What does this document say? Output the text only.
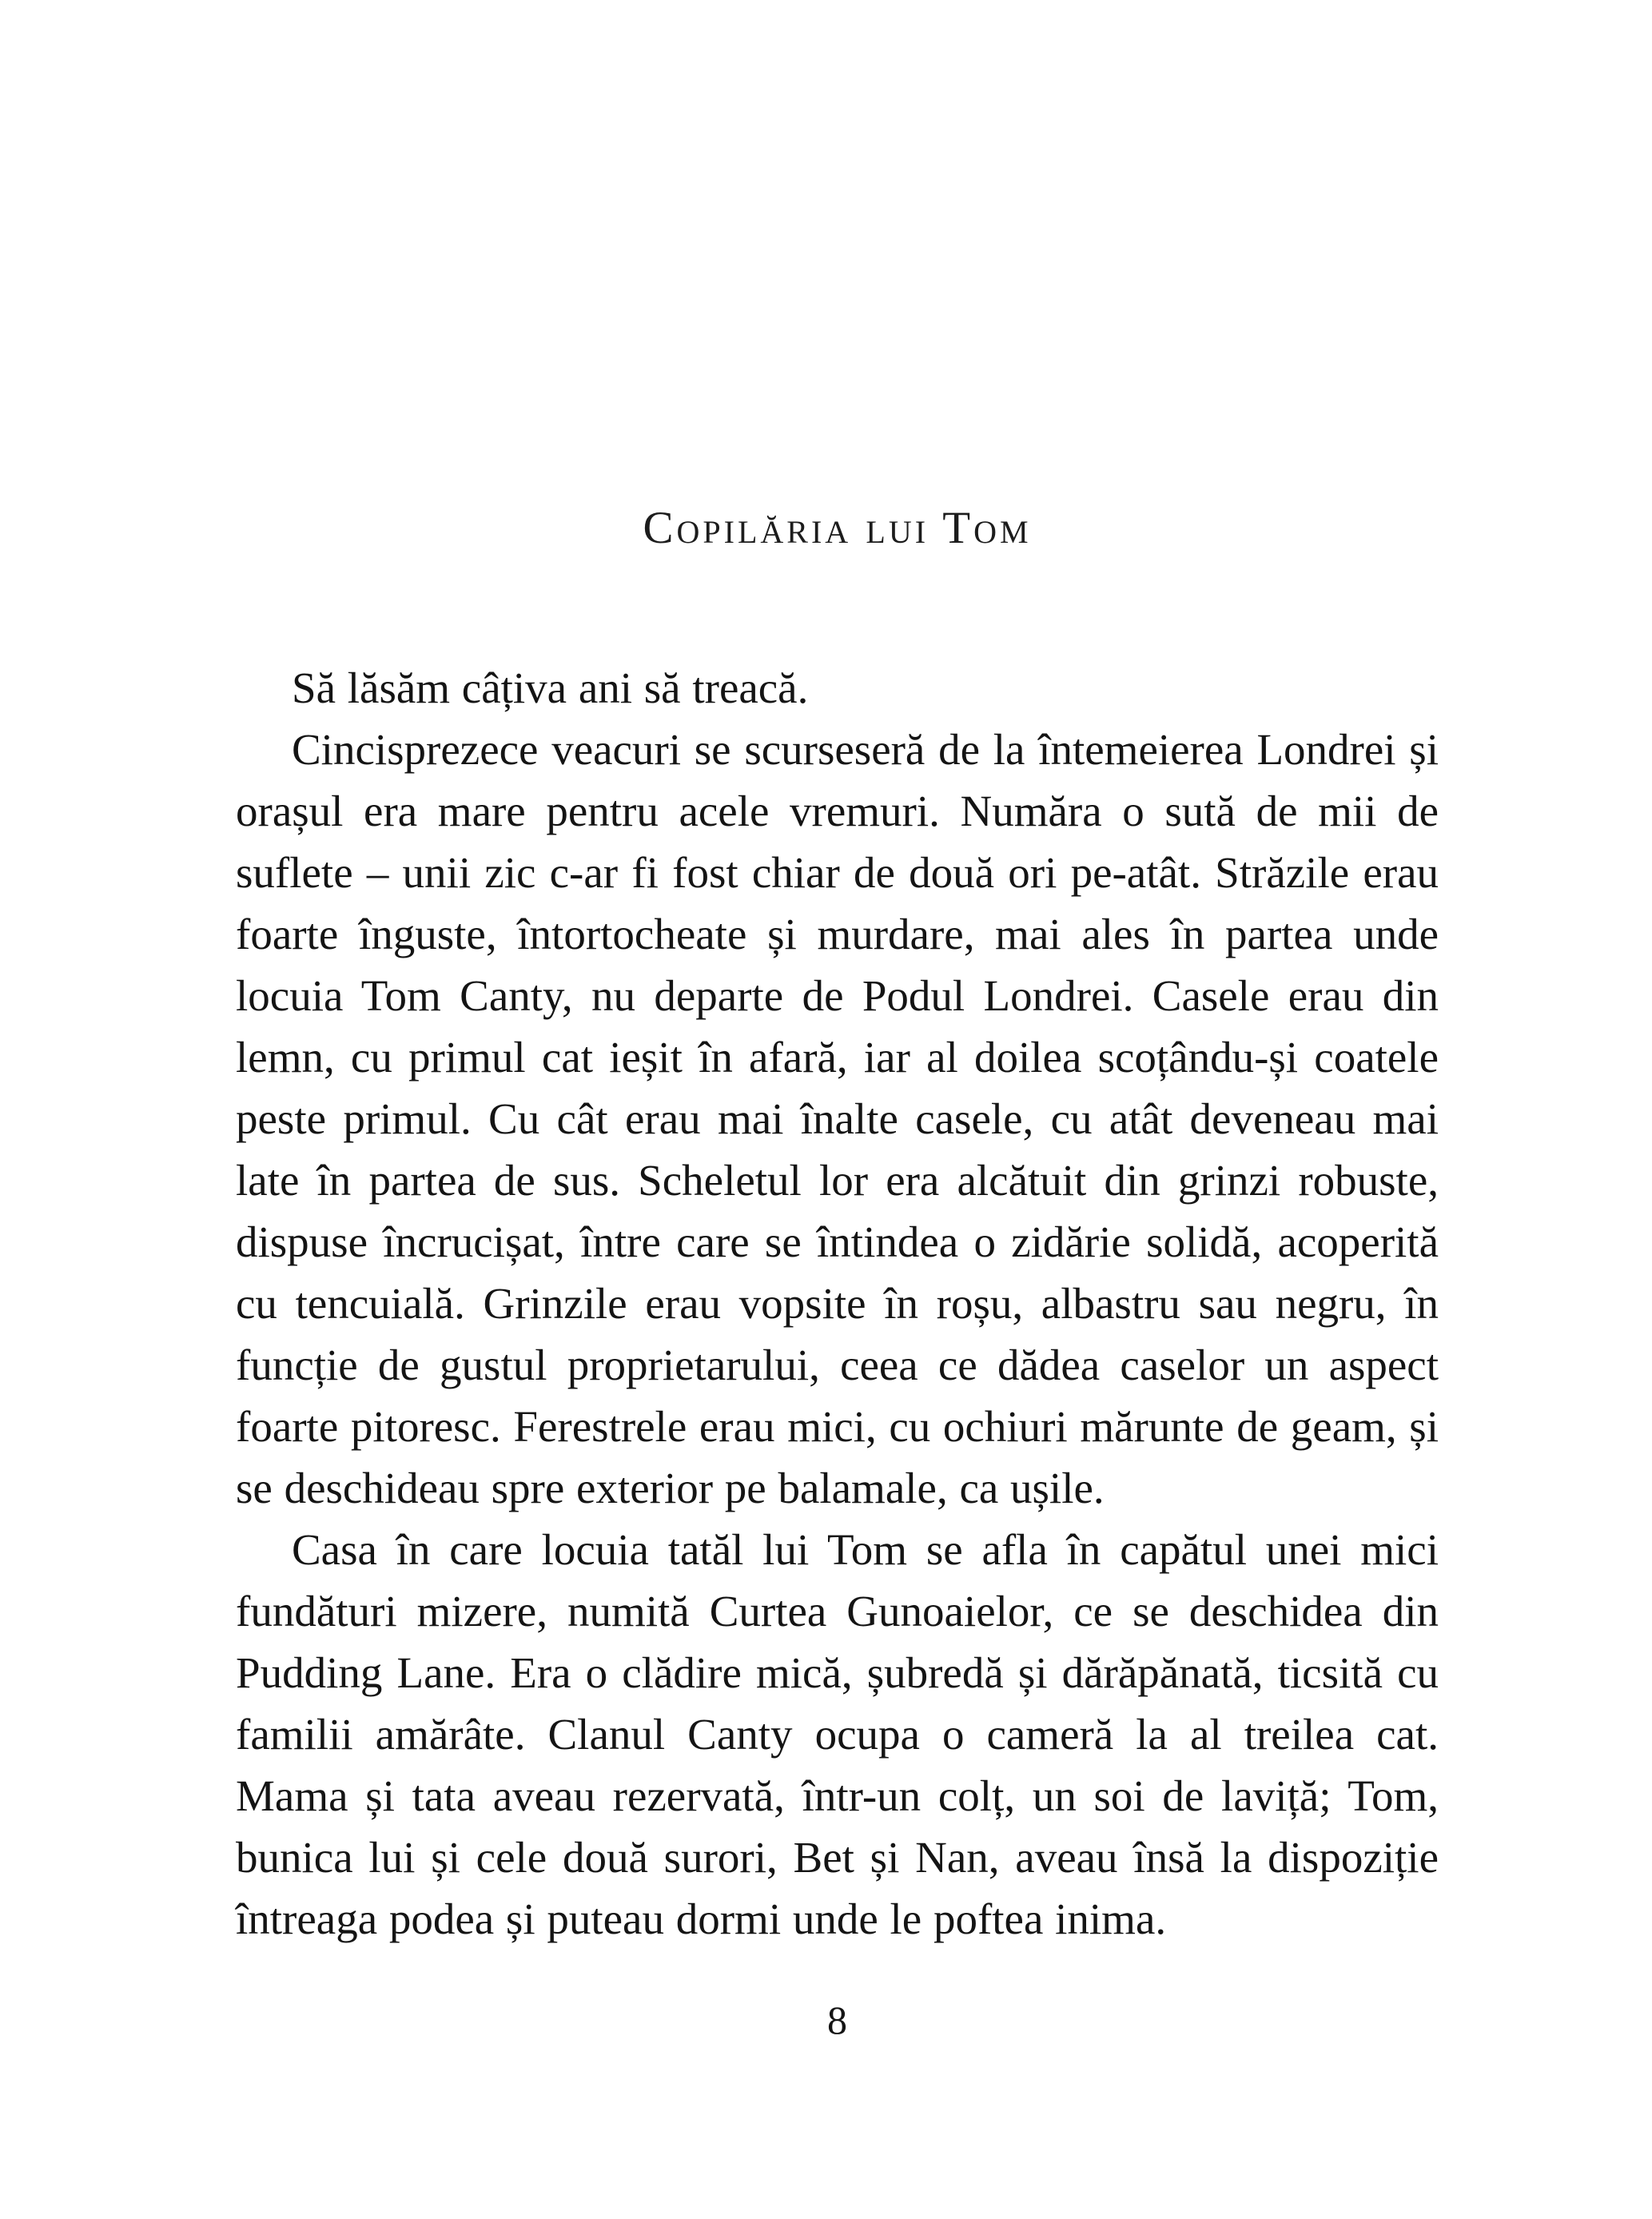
Copilăria lui Tom

Să lăsăm câțiva ani să treacă.

Cincisprezece veacuri se scurseseră de la întemeierea Londrei și orașul era mare pentru acele vremuri. Număra o sută de mii de suflete – unii zic c-ar fi fost chiar de două ori pe-atât. Străzile erau foarte înguste, întortocheate și murdare, mai ales în partea unde locuia Tom Canty, nu departe de Podul Londrei. Casele erau din lemn, cu primul cat ieșit în afară, iar al doilea scoțându-și coatele peste primul. Cu cât erau mai înalte casele, cu atât deveneau mai late în partea de sus. Scheletul lor era alcătuit din grinzi robuste, dispuse încrucișat, între care se întindea o zidărie solidă, acoperită cu tencuială. Grinzile erau vopsite în roșu, albastru sau negru, în funcție de gustul proprietarului, ceea ce dădea caselor un aspect foarte pitoresc. Ferestrele erau mici, cu ochiuri mărunte de geam, și se deschideau spre exterior pe balamale, ca ușile.

Casa în care locuia tatăl lui Tom se afla în capătul unei mici fundături mizere, numită Curtea Gunoaielor, ce se deschidea din Pudding Lane. Era o clădire mică, șubredă și dărăpănată, ticsită cu familii amărâte. Clanul Canty ocupa o cameră la al treilea cat. Mama și tata aveau rezervată, într-un colț, un soi de laviță; Tom, bunica lui și cele două surori, Bet și Nan, aveau însă la dispoziție întreaga podea și puteau dormi unde le poftea inima.

8
